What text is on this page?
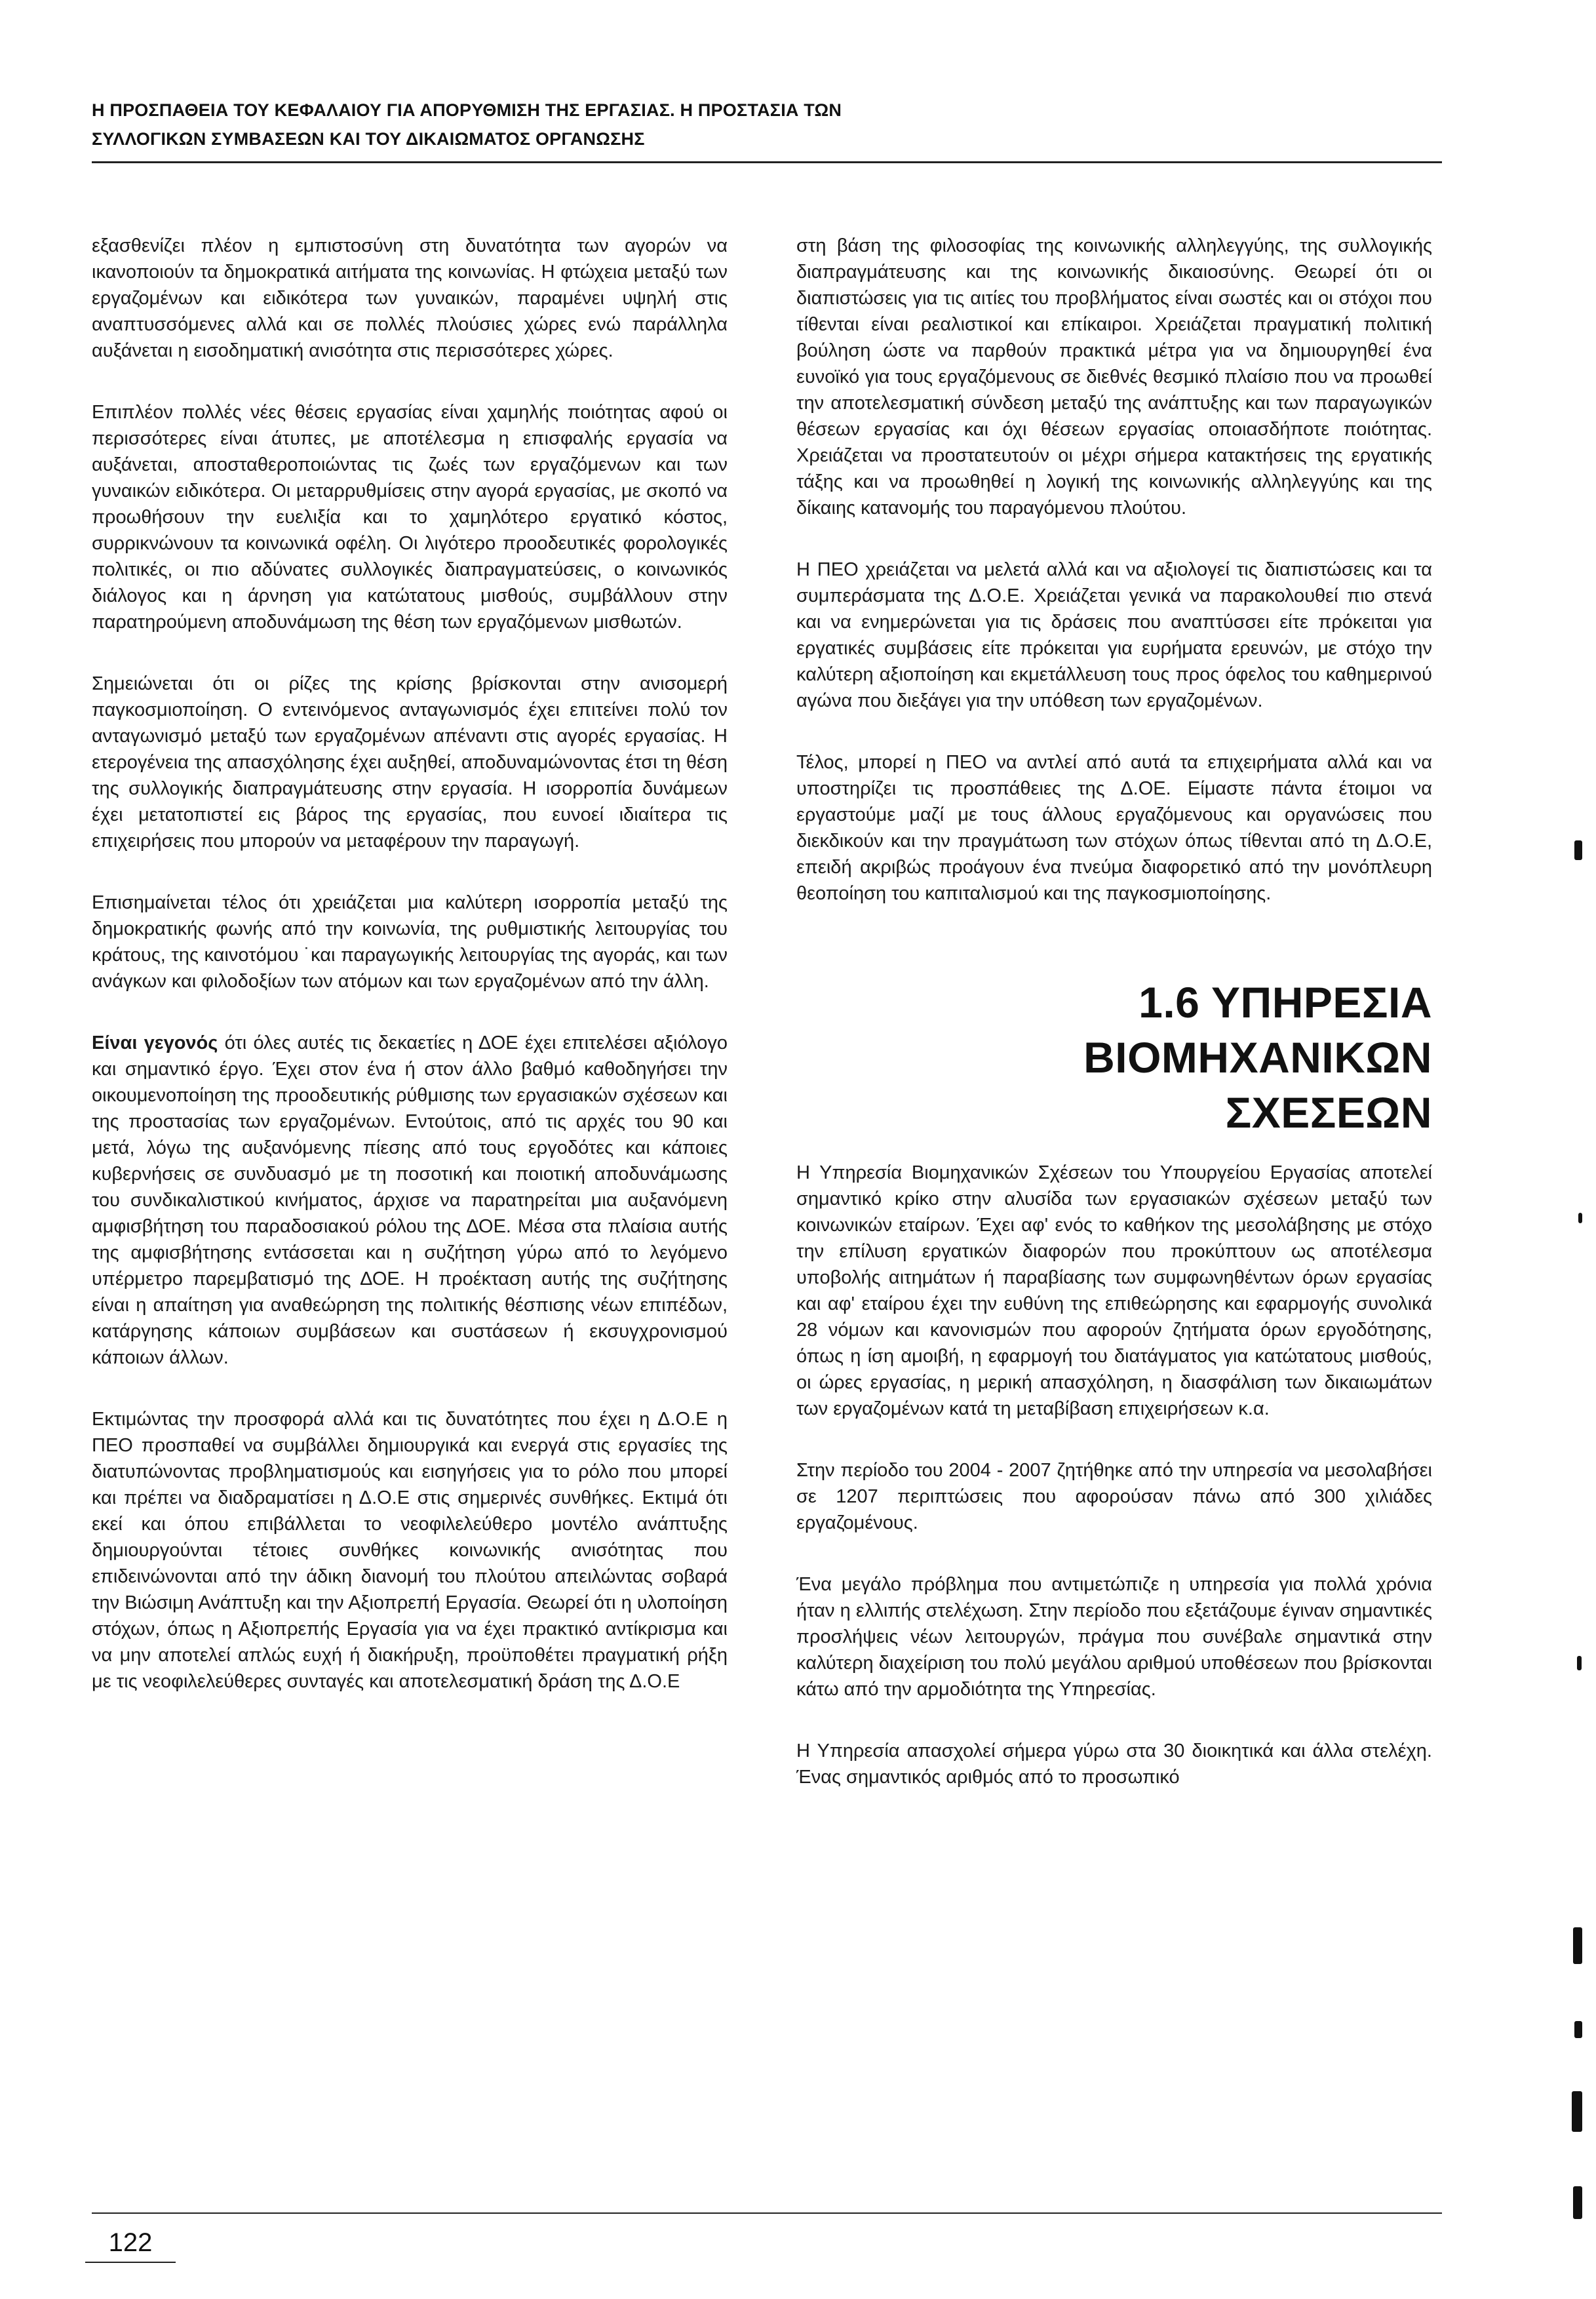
Η ΠΡΟΣΠΑΘΕΙΑ ΤΟΥ ΚΕΦΑΛΑΙΟΥ ΓΙΑ ΑΠΟΡΥΘΜΙΣΗ ΤΗΣ ΕΡΓΑΣΙΑΣ. Η ΠΡΟΣΤΑΣΙΑ ΤΩΝ

ΣΥΛΛΟΓΙΚΩΝ ΣΥΜΒΑΣΕΩΝ ΚΑΙ ΤΟΥ ΔΙΚΑΙΩΜΑΤΟΣ ΟΡΓΑΝΩΣΗΣ

εξασθενίζει πλέον η εμπιστοσύνη στη δυνατότητα των αγορών να ικανοποιούν τα δημοκρατικά αιτήματα της κοινωνίας. Η φτώχεια μεταξύ των εργαζομένων και ειδικότερα των γυναικών, παραμένει υψηλή στις αναπτυσσόμενες αλλά και σε πολλές πλούσιες χώρες ενώ παράλληλα αυξάνεται η εισοδηματική ανισότητα στις περισσότερες χώρες.

Επιπλέον πολλές νέες θέσεις εργασίας είναι χαμηλής ποιότητας αφού οι περισσότερες είναι άτυπες, με αποτέλεσμα η επισφαλής εργασία να αυξάνεται, αποσταθεροποιώντας τις ζωές των εργαζόμενων και των γυναικών ειδικότερα. Οι μεταρρυθμίσεις στην αγορά εργασίας, με σκοπό να προωθήσουν την ευελιξία και το χαμηλότερο εργατικό κόστος, συρρικνώνουν τα κοινωνικά οφέλη. Οι λιγότερο προοδευτικές φορολογικές πολιτικές, οι πιο αδύνατες συλλογικές διαπραγματεύσεις, ο κοινωνικός διάλογος και η άρνηση για κατώτατους μισθούς, συμβάλλουν στην παρατηρούμενη αποδυνάμωση της θέση των εργαζόμενων μισθωτών.

Σημειώνεται ότι οι ρίζες της κρίσης βρίσκονται στην ανισομερή παγκοσμιοποίηση. Ο εντεινόμενος ανταγωνισμός έχει επιτείνει πολύ τον ανταγωνισμό μεταξύ των εργαζομένων απέναντι στις αγορές εργασίας. Η ετερογένεια της απασχόλησης έχει αυξηθεί, αποδυναμώνοντας έτσι τη θέση της συλλογικής διαπραγμάτευσης στην εργασία. Η ισορροπία δυνάμεων έχει μετατοπιστεί εις βάρος της εργασίας, που ευνοεί ιδιαίτερα τις επιχειρήσεις που μπορούν να μεταφέρουν την παραγωγή.

Επισημαίνεται τέλος ότι χρειάζεται μια καλύτερη ισορροπία μεταξύ της δημοκρατικής φωνής από την κοινωνία, της ρυθμιστικής λειτουργίας του κράτους, της καινοτόμου ˙και παραγωγικής λειτουργίας της αγοράς, και των ανάγκων και φιλοδοξίων των ατόμων και των εργαζομένων από την άλλη.

Είναι γεγονός ότι όλες αυτές τις δεκαετίες η ΔΟΕ έχει επιτελέσει αξιόλογο και σημαντικό έργο. Έχει στον ένα ή στον άλλο βαθμό καθοδηγήσει την οικουμενοποίηση της προοδευτικής ρύθμισης των εργασιακών σχέσεων και της προστασίας των εργαζομένων. Εντούτοις, από τις αρχές του 90 και μετά, λόγω της αυξανόμενης πίεσης από τους εργοδότες και κάποιες κυβερνήσεις σε συνδυασμό με τη ποσοτική και ποιοτική αποδυνάμωσης του συνδικαλιστικού κινήματος, άρχισε να παρατηρείται μια αυξανόμενη αμφισβήτηση του παραδοσιακού ρόλου της ΔΟΕ. Μέσα στα πλαίσια αυτής της αμφισβήτησης εντάσσεται και η συζήτηση γύρω από το λεγόμενο υπέρμετρο παρεμβατισμό της ΔΟΕ. Η προέκταση αυτής της συζήτησης είναι η απαίτηση για αναθεώρηση της πολιτικής θέσπισης νέων επιπέδων, κατάργησης κάποιων συμβάσεων και συστάσεων ή εκσυγχρονισμού κάποιων άλλων.

Εκτιμώντας την προσφορά αλλά και τις δυνατότητες που έχει η Δ.Ο.Ε η ΠΕΟ προσπαθεί να συμβάλλει δημιουργικά και ενεργά στις εργασίες της διατυπώνοντας προβληματισμούς και εισηγήσεις για το ρόλο που μπορεί και πρέπει να διαδραματίσει η Δ.Ο.Ε στις σημερινές συνθήκες. Εκτιμά ότι εκεί και όπου επιβάλλεται το νεοφιλελεύθερο μοντέλο ανάπτυξης δημιουργούνται τέτοιες συνθήκες κοινωνικής ανισότητας που επιδεινώνονται από την άδικη διανομή του πλούτου απειλώντας σοβαρά την Βιώσιμη Ανάπτυξη και την Αξιοπρεπή Εργασία. Θεωρεί ότι η υλοποίηση στόχων, όπως η Αξιοπρεπής Εργασία για να έχει πρακτικό αντίκρισμα και να μην αποτελεί απλώς ευχή ή διακήρυξη, προϋποθέτει πραγματική ρήξη με τις νεοφιλελεύθερες συνταγές και αποτελεσματική δράση της Δ.Ο.Ε

στη βάση της φιλοσοφίας της κοινωνικής αλληλεγγύης, της συλλογικής διαπραγμάτευσης και της κοινωνικής δικαιοσύνης. Θεωρεί ότι οι διαπιστώσεις για τις αιτίες του προβλήματος είναι σωστές και οι στόχοι που τίθενται είναι ρεαλιστικοί και επίκαιροι. Χρειάζεται πραγματική πολιτική βούληση ώστε να παρθούν πρακτικά μέτρα για να δημιουργηθεί ένα ευνοϊκό για τους εργαζόμενους σε διεθνές θεσμικό πλαίσιο που να προωθεί την αποτελεσματική σύνδεση μεταξύ της ανάπτυξης και των παραγωγικών θέσεων εργασίας και όχι θέσεων εργασίας οποιασδήποτε ποιότητας. Χρειάζεται να προστατευτούν οι μέχρι σήμερα κατακτήσεις της εργατικής τάξης και να προωθηθεί η λογική της κοινωνικής αλληλεγγύης και της δίκαιης κατανομής του παραγόμενου πλούτου.

Η ΠΕΟ χρειάζεται να μελετά αλλά και να αξιολογεί τις διαπιστώσεις και τα συμπεράσματα της Δ.Ο.Ε. Χρειάζεται γενικά να παρακολουθεί πιο στενά και να ενημερώνεται για τις δράσεις που αναπτύσσει είτε πρόκειται για εργατικές συμβάσεις είτε πρόκειται για ευρήματα ερευνών, με στόχο την καλύτερη αξιοποίηση και εκμετάλλευση τους προς όφελος του καθημερινού αγώνα που διεξάγει για την υπόθεση των εργαζομένων.

Τέλος, μπορεί η ΠΕΟ να αντλεί από αυτά τα επιχειρήματα αλλά και να υποστηρίζει τις προσπάθειες της Δ.ΟΕ. Είμαστε πάντα έτοιμοι να εργαστούμε μαζί με τους άλλους εργαζόμενους και οργανώσεις που διεκδικούν και την πραγμάτωση των στόχων όπως τίθενται από τη Δ.Ο.Ε, επειδή ακριβώς προάγουν ένα πνεύμα διαφορετικό από την μονόπλευρη θεοποίηση του καπιταλισμού και της παγκοσμιοποίησης.

1.6 ΥΠΗΡΕΣΙΑ ΒΙΟΜΗΧΑΝΙΚΩΝ
ΣΧΕΣΕΩΝ

Η Υπηρεσία Βιομηχανικών Σχέσεων του Υπουργείου Εργασίας αποτελεί σημαντικό κρίκο στην αλυσίδα των εργασιακών σχέσεων μεταξύ των κοινωνικών εταίρων. Έχει αφ' ενός το καθήκον της μεσολάβησης με στόχο την επίλυση εργατικών διαφορών που προκύπτουν ως αποτέλεσμα υποβολής αιτημάτων ή παραβίασης των συμφωνηθέντων όρων εργασίας και αφ' εταίρου έχει την ευθύνη της επιθεώρησης και εφαρμογής συνολικά 28 νόμων και κανονισμών που αφορούν ζητήματα όρων εργοδότησης, όπως η ίση αμοιβή, η εφαρμογή του διατάγματος για κατώτατους μισθούς, οι ώρες εργασίας, η μερική απασχόληση, η διασφάλιση των δικαιωμάτων των εργαζομένων κατά τη μεταβίβαση επιχειρήσεων κ.α.

Στην περίοδο του 2004 - 2007 ζητήθηκε από την υπηρεσία να μεσολαβήσει σε 1207 περιπτώσεις που αφορούσαν πάνω από 300 χιλιάδες εργαζομένους.

Ένα μεγάλο πρόβλημα που αντιμετώπιζε η υπηρεσία για πολλά χρόνια ήταν η ελλιπής στελέχωση. Στην περίοδο που εξετάζουμε έγιναν σημαντικές προσλήψεις νέων λειτουργών, πράγμα που συνέβαλε σημαντικά στην καλύτερη διαχείριση του πολύ μεγάλου αριθμού υποθέσεων που βρίσκονται κάτω από την αρμοδιότητα της Υπηρεσίας.

Η Υπηρεσία απασχολεί σήμερα γύρω στα 30 διοικητικά και άλλα στελέχη. Ένας σημαντικός αριθμός από το προσωπικό

122
